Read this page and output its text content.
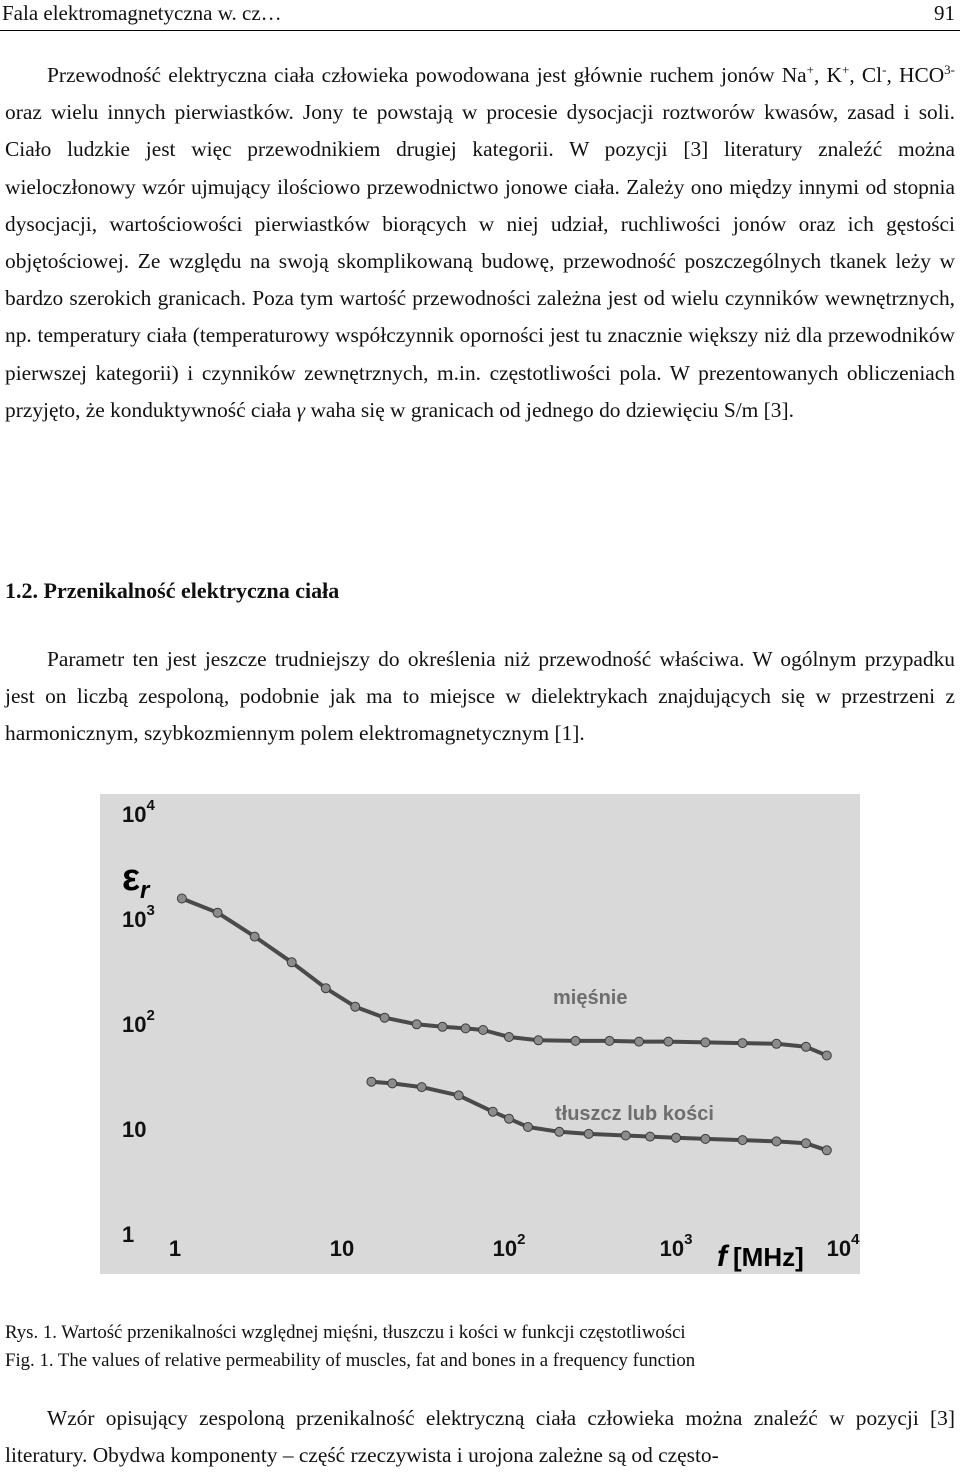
Fala elektromagnetyczna w. cz…	91

Przewodność elektryczna ciała człowieka powodowana jest głównie ruchem jonów Na+, K+, Cl-, $HCO^{3-}$ oraz wielu innych pierwiastków. Jony te powstają w procesie dysocjacji roztworów kwasów, zasad i soli. Ciało ludzkie jest więc przewodnikiem drugiej kategorii. W pozycji [3] literatury znaleźć można wieloczłonowy wzór ujmujący ilościowo przewodnictwo jonowe ciała. Zależy ono między innymi od stopnia dysocjacji, wartościowości pierwiastków biorących w niej udział, ruchliwości jonów oraz ich gęstości objętościowej. Ze względu na swoją skomplikowaną budowę, przewodność poszczególnych tkanek leży w bardzo szerokich granicach. Poza tym wartość przewodności zależna jest od wielu czynników wewnętrznych, np. temperatury ciała (temperaturowy współczynnik oporności jest tu znacznie większy niż dla przewodników pierwszej kategorii) i czynników zewnętrznych, m.in. częstotliwości pola. W prezentowanych obliczeniach przyjęto, że konduktywność ciała γ waha się w granicach od jednego do dziewięciu S/m [3].

1.2. Przenikalność elektryczna ciała

Parametr ten jest jeszcze trudniejszy do określenia niż przewodność właściwa. W ogólnym przypadku jest on liczbą zespoloną, podobnie jak ma to miejsce w dielektrykach znajdujących się w przestrzeni z harmonicznym, szybkozmiennym polem elektromagnetycznym [1].

1
10
$10^2$
$10^3$
$10^4$
1	10	$10^2$	$10^3$	$10^4$
mięśnie
tłuszcz lub kości
$\varepsilon_r$
f [MHz]

Rys. 1. Wartość przenikalności względnej mięśni, tłuszczu i kości w funkcji częstotliwości

Fig. 1. The values of relative permeability of muscles, fat and bones in a frequency function

Wzór opisujący zespoloną przenikalność elektryczną ciała człowieka można znaleźć w pozycji [3] literatury. Obydwa komponenty – część rzeczywista i urojona zależne są od często-
